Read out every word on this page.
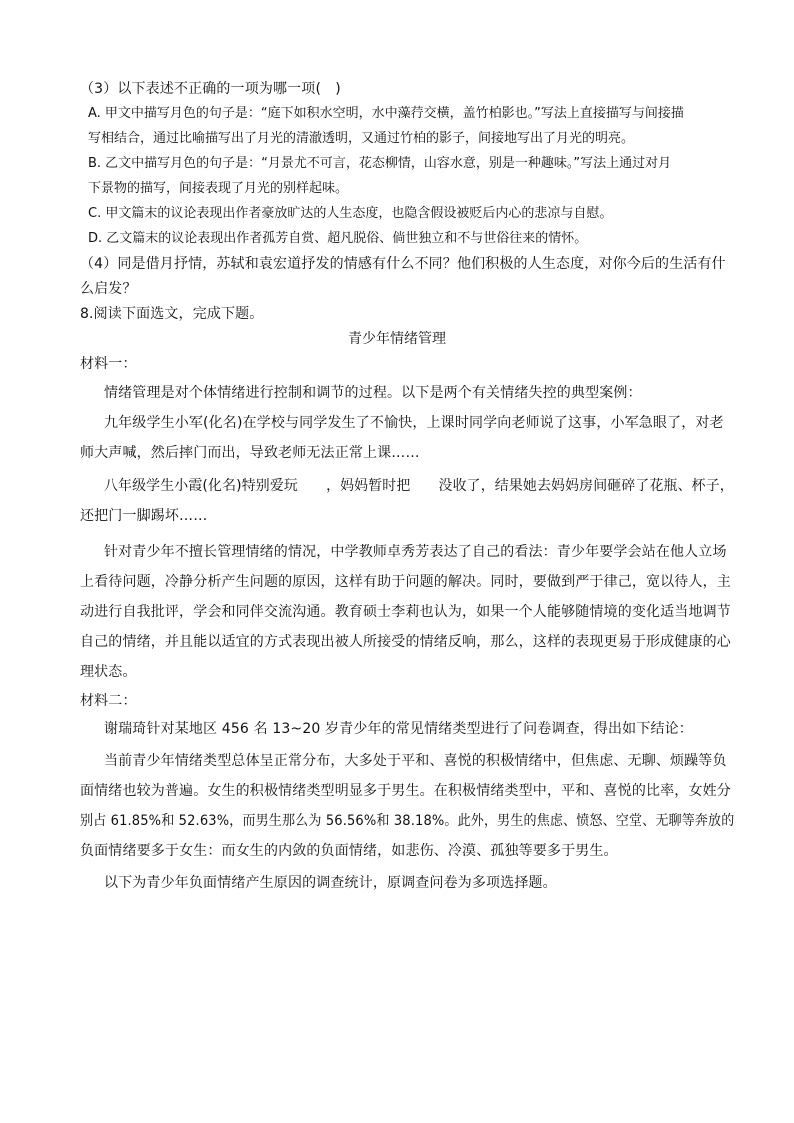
（3）以下表述不正确的一项为哪一项(　)
A. 甲文中描写月色的句子是：“庭下如积水空明，水中藻荇交横，盖竹柏影也。”写法上直接描写与间接描
写相结合，通过比喻描写出了月光的清澈透明，又通过竹柏的影子，间接地写出了月光的明亮。
B. 乙文中描写月色的句子是：“月景尤不可言，花态柳情，山容水意，别是一种趣味。”写法上通过对月
下景物的描写，间接表现了月光的别样起味。
C. 甲文篇末的议论表现出作者豪放旷达的人生态度，也隐含假设被贬后内心的悲凉与自慰。
D. 乙文篇末的议论表现出作者孤芳自赏、超凡脱俗、倘世独立和不与世俗往来的情怀。
（4）同是借月抒情，苏轼和袁宏道抒发的情感有什么不同？他们积极的人生态度，对你今后的生活有什
么启发？
8.阅读下面选文，完成下题。
青少年情绪管理
材料一：
情绪管理是对个体情绪进行控制和调节的过程。以下是两个有关情绪失控的典型案例：
九年级学生小军(化名)在学校与同学发生了不愉快，上课时同学向老师说了这事，小军急眼了，对老
师大声喊，然后摔门而出，导致老师无法正常上课……
八年级学生小霞(化名)特别爱玩　　，妈妈暂时把　　没收了，结果她去妈妈房间砸碎了花瓶、杯子，
还把门一脚踢坏……
针对青少年不擅长管理情绪的情况，中学教师卓秀芳表达了自己的看法：青少年要学会站在他人立场
上看待问题，冷静分析产生问题的原因，这样有助于问题的解决。同时，要做到严于律己，宽以待人，主
动进行自我批评，学会和同伴交流沟通。教育硕士李莉也认为，如果一个人能够随情境的变化适当地调节
自己的情绪，并且能以适宜的方式表现出被人所接受的情绪反响，那么，这样的表现更易于形成健康的心
理状态。
材料二：
谢瑞琦针对某地区 456 名 13~20 岁青少年的常见情绪类型进行了问卷调查，得出如下结论：
当前青少年情绪类型总体呈正常分布，大多处于平和、喜悦的积极情绪中，但焦虑、无聊、烦躁等负
面情绪也较为普遍。女生的积极情绪类型明显多于男生。在积极情绪类型中，平和、喜悦的比率，女姓分
别占 61.85%和 52.63%，而男生那么为 56.56%和 38.18%。此外，男生的焦虑、愤怒、空堂、无聊等奔放的
负面情绪要多于女生：而女生的内敛的负面情绪，如悲伤、冷漠、孤独等要多于男生。
以下为青少年负面情绪产生原因的调查统计，原调查问卷为多项选择题。
